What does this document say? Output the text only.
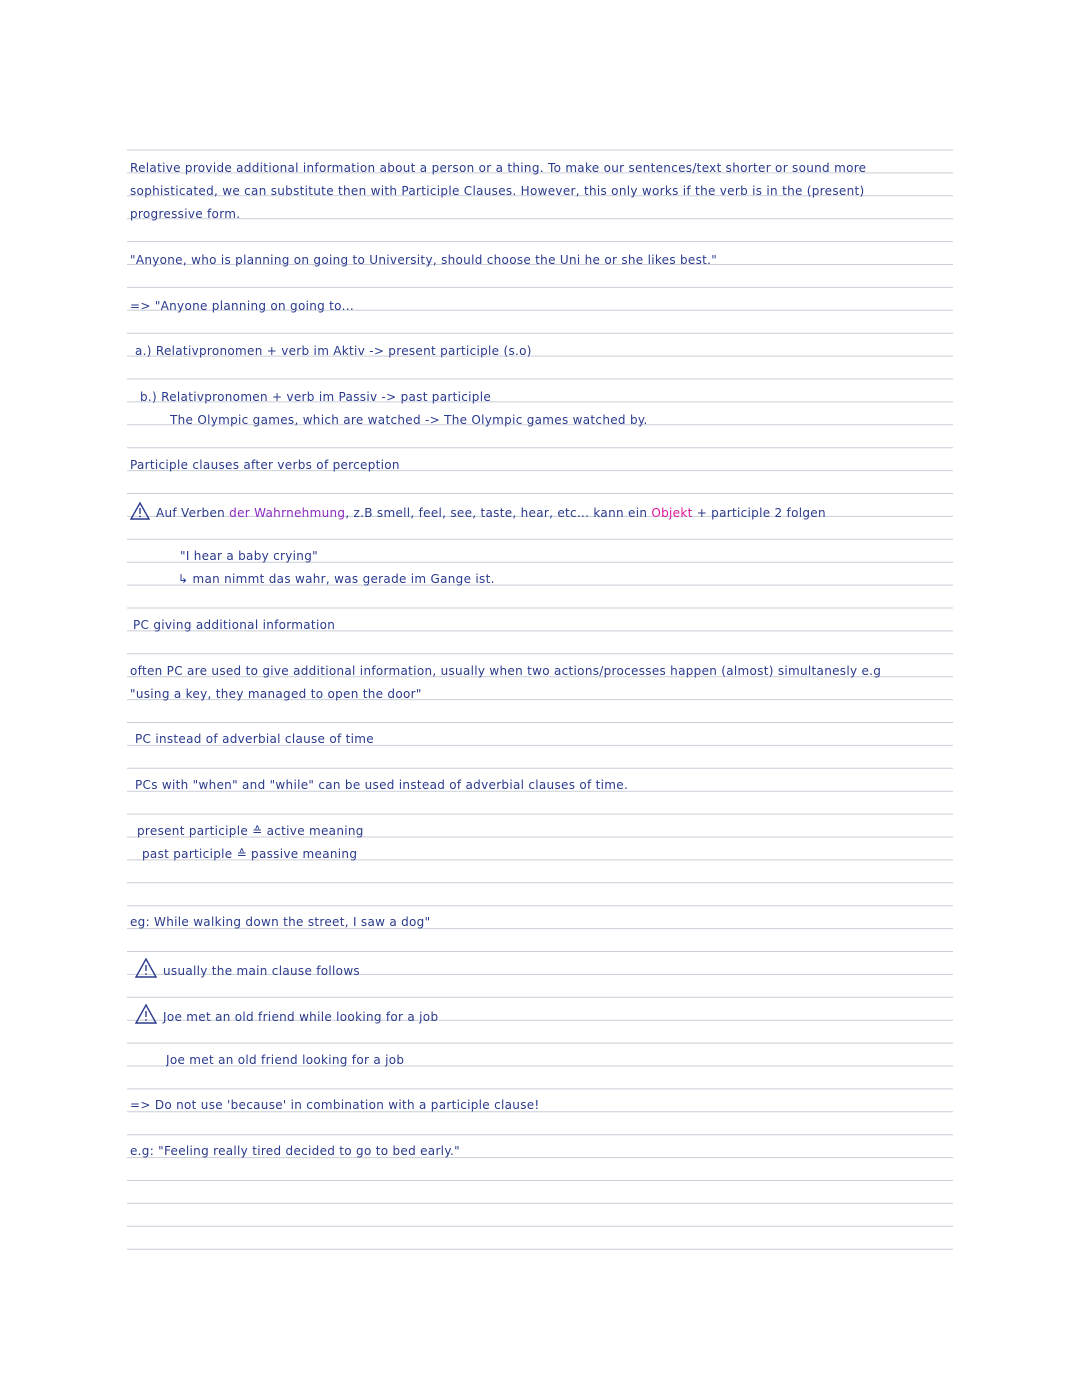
Relative provide additional information about a person or a thing. To make our sentences/text shorter or sound more
sophisticated, we can substitute then with Participle Clauses. However, this only works if the verb is in the (present)
progressive form.
"Anyone, who is planning on going to University, should choose the Uni he or she likes best."
=> "Anyone planning on going to...
a.) Relativpronomen + verb im Aktiv -> present participle (s.o)
b.) Relativpronomen + verb im Passiv -> past participle
The Olympic games, which are watched -> The Olympic games watched by.
Participle clauses after verbs of perception
Auf Verben der Wahrnehmung, z.B smell, feel, see, taste, hear, etc... kann ein Objekt + participle 2 folgen
"I hear a baby crying"
↳ man nimmt das wahr, was gerade im Gange ist.
PC giving additional information
often PC are used to give additional information, usually when two actions/processes happen (almost) simultanesly e.g
"using a key, they managed to open the door"
PC instead of adverbial clause of time
PCs with "when" and "while" can be used instead of adverbial clauses of time.
present participle ≙ active meaning
past participle ≙ passive meaning
eg: While walking down the street, I saw a dog"
usually the main clause follows
Joe met an old friend while looking for a job
Joe met an old friend looking for a job
=> Do not use 'because' in combination with a participle clause!
e.g: "Feeling really tired decided to go to bed early."
